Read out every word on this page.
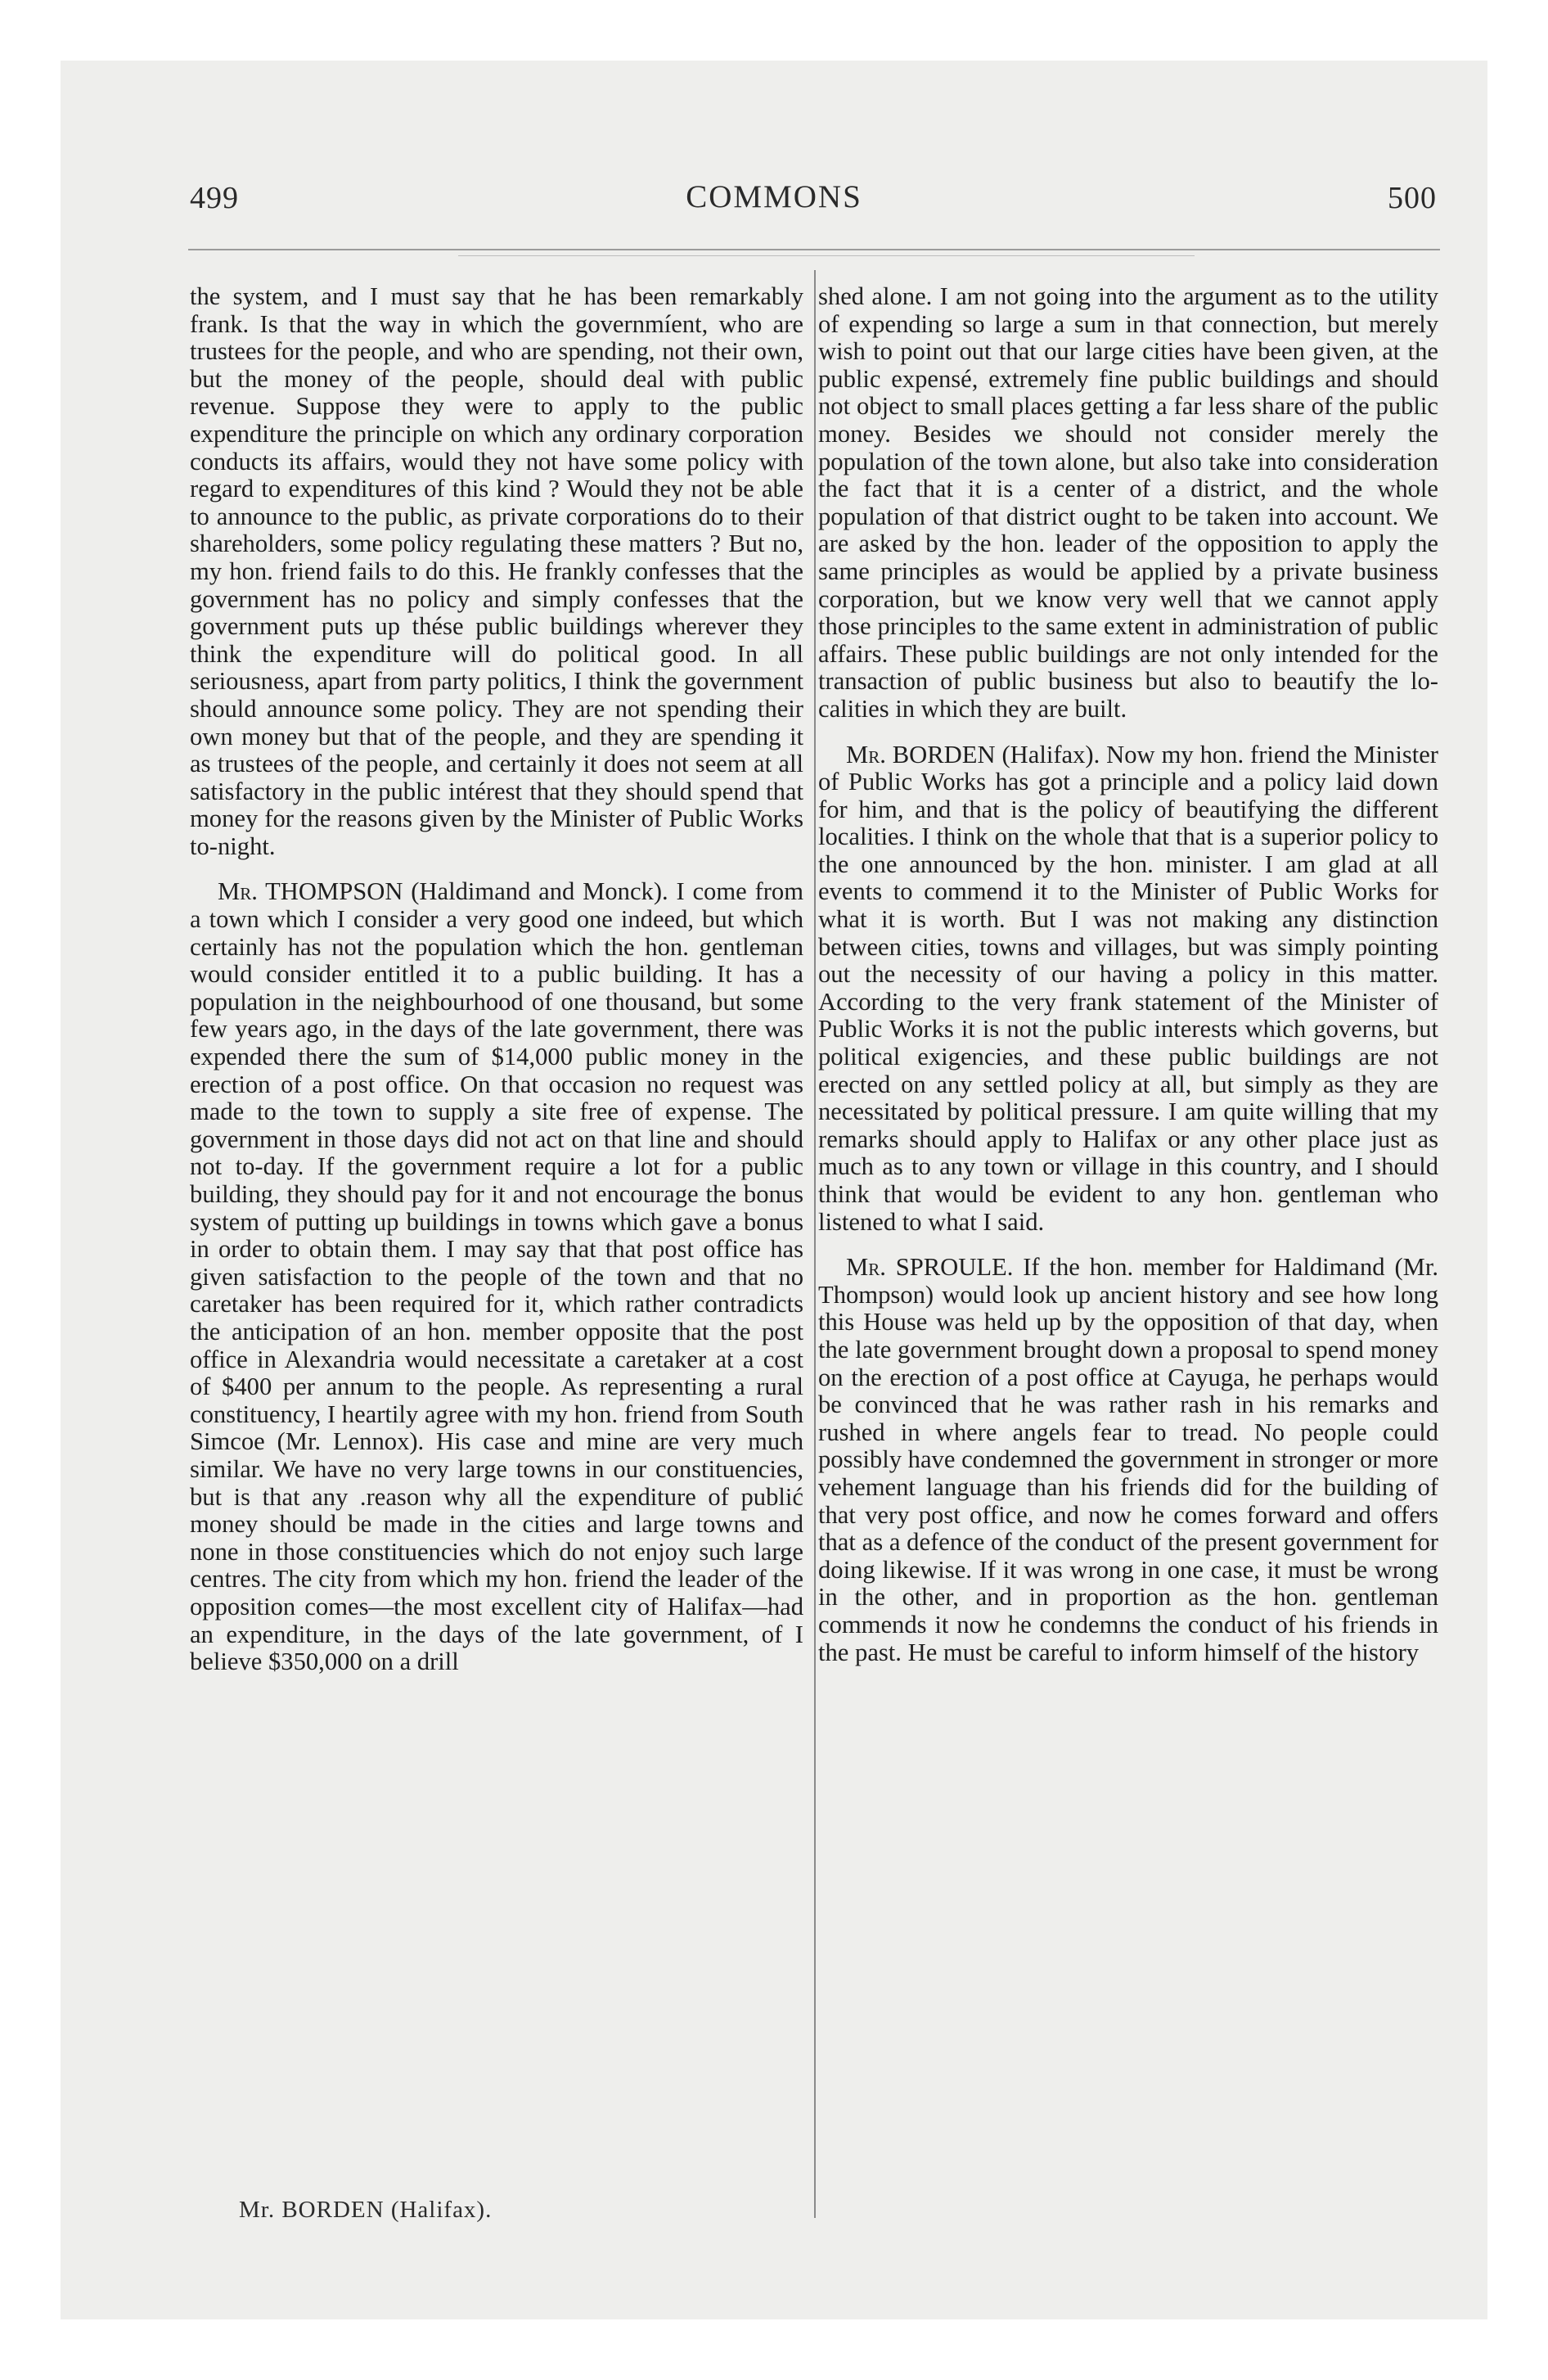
499	COMMONS	500

the system, and I must say that he has been remarkably frank. Is that the way in which the governmíent, who are trustees for the people, and who are spending, not their own, but the money of the people, should deal with public revenue. Suppose they were to apply to the public expenditure the principle on which any ordinary corporation conducts its affairs, would they not have some policy with regard to expenditures of this kind ? Would they not be able to announce to the public, as private corporations do to their shareholders, some policy regulating these matters ? But no, my hon. friend fails to do this. He frankly confesses that the government has no policy and simply confesses that the government puts up thése public buildings wherever they think the expenditure will do political good. In all seriousness, apart from party politics, I think the government should announce some policy. They are not spending their own money but that of the people, and they are spending it as trustees of the people, and certainly it does not seem at all satisfactory in the public intérest that they should spend that money for the reasons given by the Minister of Public Works to-night.

Mr. THOMPSON (Haldimand and Monck). I come from a town which I consider a very good one indeed, but which certainly has not the population which the hon. gentleman would consider entitled it to a public building. It has a population in the neighbourhood of one thousand, but some few years ago, in the days of the late government, there was expended there the sum of $14,000 public money in the erection of a post office. On that occasion no request was made to the town to supply a site free of expense. The government in those days did not act on that line and should not to-day. If the government require a lot for a public building, they should pay for it and not encourage the bonus system of putting up buildings in towns which gave a bonus in order to obtain them. I may say that that post office has given satisfaction to the people of the town and that no caretaker has been required for it, which rather contradicts the anticipation of an hon. member opposite that the post office in Alexandria would necessitate a caretaker at a cost of $400 per annum to the people. As representing a rural constituency, I heartily agree with my hon. friend from South Simcoe (Mr. Lennox). His case and mine are very much similar. We have no very large towns in our constituencies, but is that any .reason why all the expenditure of publić money should be made in the cities and large towns and none in those constituencies which do not enjoy such large centres. The city from which my hon. friend the leader of the opposition comes—the most excellent city of Halifax—had an expenditure, in the days of the late government, of I believe $350,000 on a drill

shed alone. I am not going into the argument as to the utility of expending so large a sum in that connection, but merely wish to point out that our large cities have been given, at the public expensé, extremely fine public buildings and should not object to small places getting a far less share of the public money. Besides we should not consider merely the population of the town alone, but also take into consideration the fact that it is a center of a district, and the whole population of that district ought to be taken into account. We are asked by the hon. leader of the opposition to apply the same principles as would be applied by a private business corporation, but we know very well that we cannot apply those principles to the same extent in administration of public affairs. These public buildings are not only intended for the transaction of public business but also to beautify the localities in which they are built.

Mr. BORDEN (Halifax). Now my hon. friend the Minister of Public Works has got a principle and a policy laid down for him, and that is the policy of beautifying the different localities. I think on the whole that that is a superior policy to the one announced by the hon. minister. I am glad at all events to commend it to the Minister of Public Works for what it is worth. But I was not making any distinction between cities, towns and villages, but was simply pointing out the necessity of our having a policy in this matter. According to the very frank statement of the Minister of Public Works it is not the public interests which governs, but political exigencies, and these public buildings are not erected on any settled policy at all, but simply as they are necessitated by political pressure. I am quite willing that my remarks should apply to Halifax or any other place just as much as to any town or village in this country, and I should think that would be evident to any hon. gentleman who listened to what I said.

Mr. SPROULE. If the hon. member for Haldimand (Mr. Thompson) would look up ancient history and see how long this House was held up by the opposition of that day, when the late government brought down a proposal to spend money on the erection of a post office at Cayuga, he perhaps would be convinced that he was rather rash in his remarks and rushed in where angels fear to tread. No people could possibly have condemned the government in stronger or more vehement language than his friends did for the building of that very post office, and now he comes forward and offers that as a defence of the conduct of the present government for doing likewise. If it was wrong in one case, it must be wrong in the other, and in proportion as the hon. gentleman commends it now he condemns the conduct of his friends in the past. He must be careful to inform himself of the history

Mr. BORDEN (Halifax).
